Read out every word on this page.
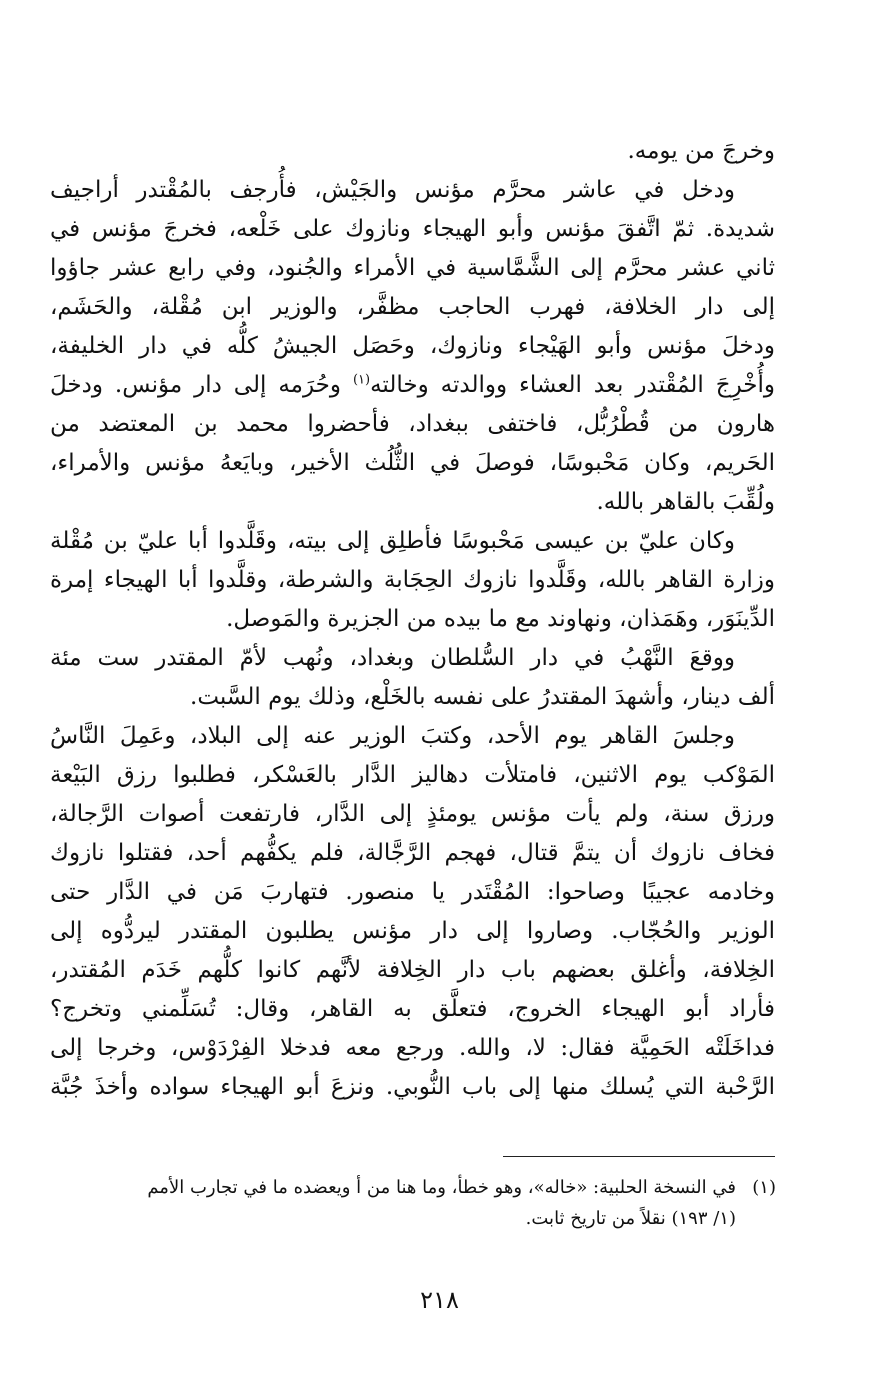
وخرجَ من يومه.
ودخل في عاشر محرَّم مؤنس والجَيْش، فأُرجف بالمُقْتدر أراجيف
شديدة. ثمّ اتَّفقَ مؤنس وأبو الهيجاء ونازوك على خَلْعه، فخرجَ مؤنس في
ثاني عشر محرَّم إلى الشَّمَّاسية في الأمراء والجُنود، وفي رابع عشر جاؤوا
إلى دار الخلافة، فهرب الحاجب مظفَّر، والوزير ابن مُقْلة، والحَشَم،
ودخلَ مؤنس وأبو الهَيْجاء ونازوك، وحَصَل الجيشُ كلُّه في دار الخليفة،
وأُخْرِجَ المُقْتدر بعد العشاء ووالدته وخالته$^{(١)}$ وحُرَمه إلى دار مؤنس. ودخلَ
هارون من قُطْرُبُّل، فاختفى ببغداد، فأحضروا محمد بن المعتضد من
الحَريم، وكان مَحْبوسًا، فوصلَ في الثُّلُث الأخير، وبايَعهُ مؤنس والأمراء،
ولُقِّبَ بالقاهر بالله.
وكان عليّ بن عيسى مَحْبوسًا فأطلِق إلى بيته، وقَلَّدوا أبا عليّ بن مُقْلة
وزارة القاهر بالله، وقَلَّدوا نازوك الحِجَابة والشرطة، وقلَّدوا أبا الهيجاء إمرة
الدِّينَوَر، وهَمَذان، ونهاوند مع ما بيده من الجزيرة والمَوصل.
ووقعَ النَّهْبُ في دار السُّلطان وبغداد، ونُهب لأمّ المقتدر ست مئة
ألف دينار، وأشهدَ المقتدرُ على نفسه بالخَلْع، وذلك يوم السَّبت.
وجلسَ القاهر يوم الأحد، وكتبَ الوزير عنه إلى البلاد، وعَمِلَ النَّاسُ
المَوْكب يوم الاثنين، فامتلأت دهاليز الدَّار بالعَسْكر، فطلبوا رزق البَيْعة
ورزق سنة، ولم يأت مؤنس يومئذٍ إلى الدَّار، فارتفعت أصوات الرَّجالة،
فخاف نازوك أن يتمَّ قتال، فهجم الرَّجَّالة، فلم يكفُّهم أحد، فقتلوا نازوك
وخادمه عجيبًا وصاحوا: المُقْتَدر يا منصور. فتهاربَ مَن في الدَّار حتى
الوزير والحُجّاب. وصاروا إلى دار مؤنس يطلبون المقتدر ليردُّوه إلى
الخِلافة، وأغلق بعضهم باب دار الخِلافة لأنَّهم كانوا كلُّهم خَدَم المُقتدر،
فأراد أبو الهيجاء الخروج، فتعلَّق به القاهر، وقال: تُسَلِّمني وتخرج؟
فداخَلَتْه الحَمِيَّة فقال: لا، والله. ورجع معه فدخلا الفِرْدَوْس، وخرجا إلى
الرَّحْبة التي يُسلك منها إلى باب النُّوبي. ونزعَ أبو الهيجاء سواده وأخذَ جُبَّة
(١)
في النسخة الحلبية: «خاله»، وهو خطأ، وما هنا من أ ويعضده ما في تجارب الأمم
(١/ ١٩٣) نقلاً من تاريخ ثابت.
٢١٨
